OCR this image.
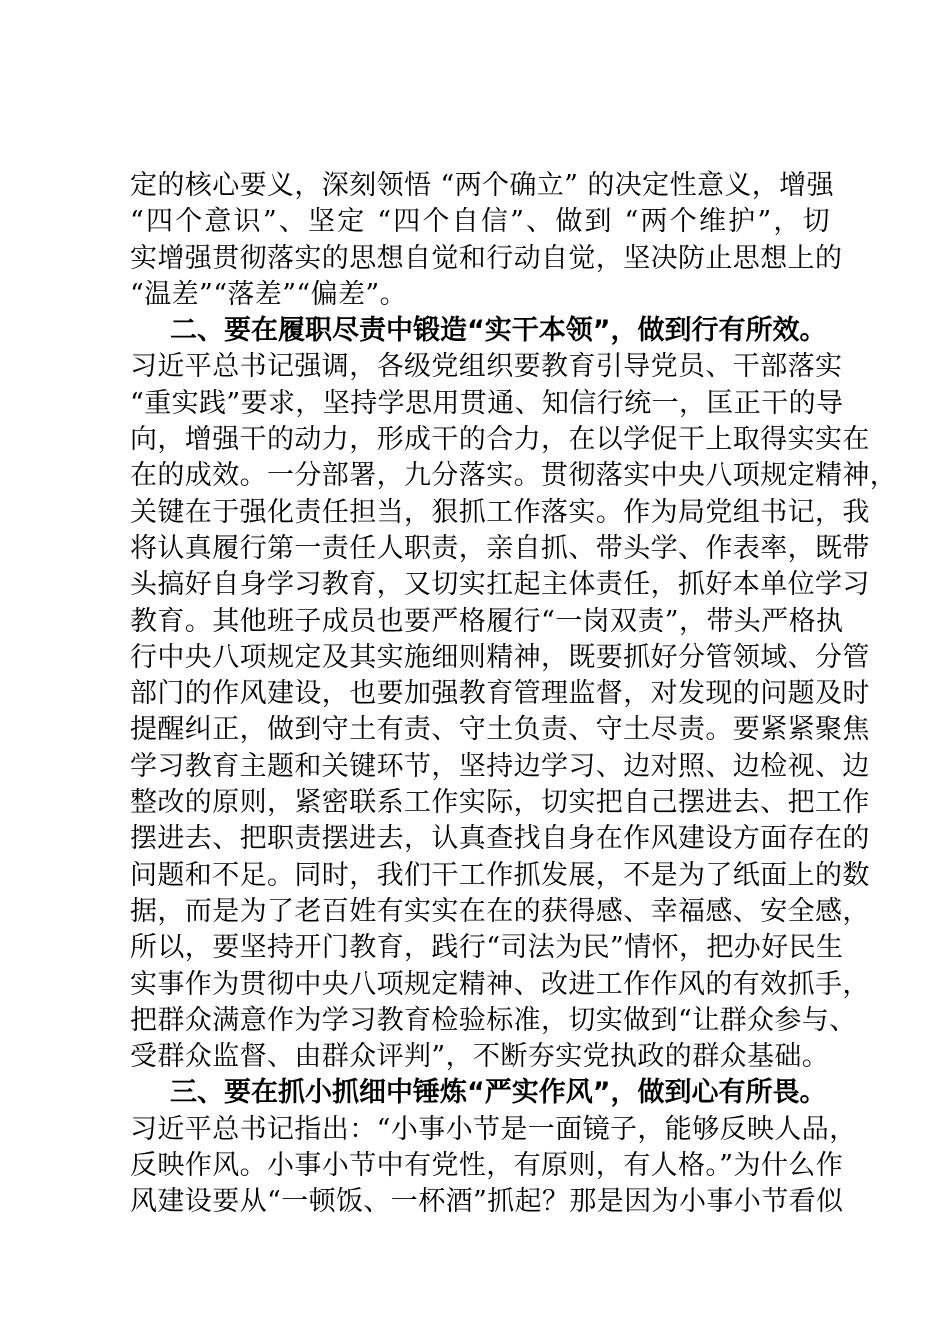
定的核心要义，深刻领悟 “两个确立” 的决定性意义，增强
“四个意识”、坚定 “四个自信”、做到 “两个维护”，切
实增强贯彻落实的思想自觉和行动自觉，坚决防止思想上的
“温差”“落差”“偏差”。
二、要在履职尽责中锻造“实干本领”，做到行有所效。
习近平总书记强调，各级党组织要教育引导党员、干部落实
“重实践”要求，坚持学思用贯通、知信行统一，匡正干的导
向，增强干的动力，形成干的合力，在以学促干上取得实实在
在的成效。一分部署，九分落实。贯彻落实中央八项规定精神，
关键在于强化责任担当，狠抓工作落实。作为局党组书记，我
将认真履行第一责任人职责，亲自抓、带头学、作表率，既带
头搞好自身学习教育，又切实扛起主体责任，抓好本单位学习
教育。其他班子成员也要严格履行“一岗双责”，带头严格执
行中央八项规定及其实施细则精神，既要抓好分管领域、分管
部门的作风建设，也要加强教育管理监督，对发现的问题及时
提醒纠正，做到守土有责、守土负责、守土尽责。要紧紧聚焦
学习教育主题和关键环节，坚持边学习、边对照、边检视、边
整改的原则，紧密联系工作实际，切实把自己摆进去、把工作
摆进去、把职责摆进去，认真查找自身在作风建设方面存在的
问题和不足。同时，我们干工作抓发展，不是为了纸面上的数
据，而是为了老百姓有实实在在的获得感、幸福感、安全感，
所以，要坚持开门教育，践行“司法为民”情怀，把办好民生
实事作为贯彻中央八项规定精神、改进工作作风的有效抓手，
把群众满意作为学习教育检验标准，切实做到“让群众参与、
受群众监督、由群众评判”，不断夯实党执政的群众基础。
三、要在抓小抓细中锤炼“严实作风”，做到心有所畏。
习近平总书记指出：“小事小节是一面镜子，能够反映人品，
反映作风。小事小节中有党性，有原则，有人格。”为什么作
风建设要从“一顿饭、一杯酒”抓起？那是因为小事小节看似
